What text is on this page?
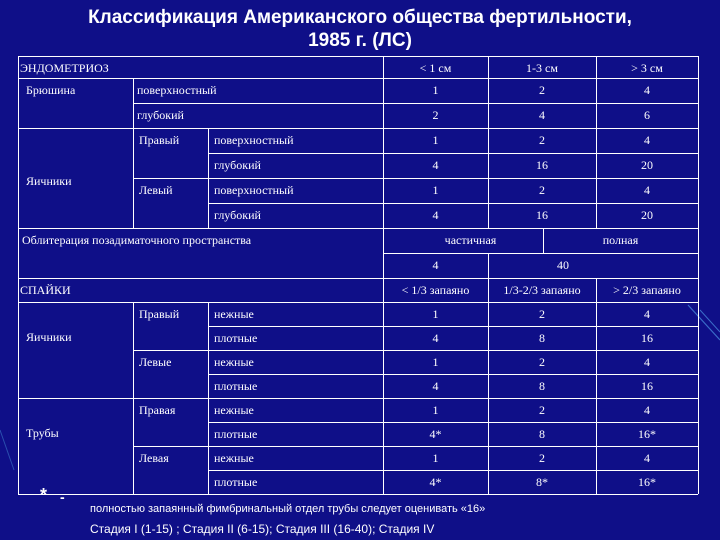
Классификация Американского общества фертильности,
1985 г. (ЛС)
ЭНДОМЕТРИОЗ	< 1 см	1-3 см	> 3 см
Брюшина	поверхностный	1	2	4
глубокий	2	4	6
Яичники
Правый	поверхностный	1	2	4
глубокий	4	16	20
Левый	поверхностный	1	2	4
глубокий	4	16	20
Облитерация позадиматочного пространства	частичная	полная
4	40
СПАЙКИ	< 1/3 запаяно	1/3-2/3 запаяно	> 2/3 запаяно
Яичники
Правый	нежные	1	2	4
плотные	4	8	16
Левые	нежные	1	2	4
плотные	4	8	16
Трубы
Правая	нежные	1	2	4
плотные	4*	8	16*
Левая	нежные	1	2	4
плотные	4*	8*	16*
* -
полностью запаянный фимбринальный отдел трубы следует оценивать «16»
Стадия I (1-15) ; Стадия II (6-15); Стадия III (16-40); Стадия IV
